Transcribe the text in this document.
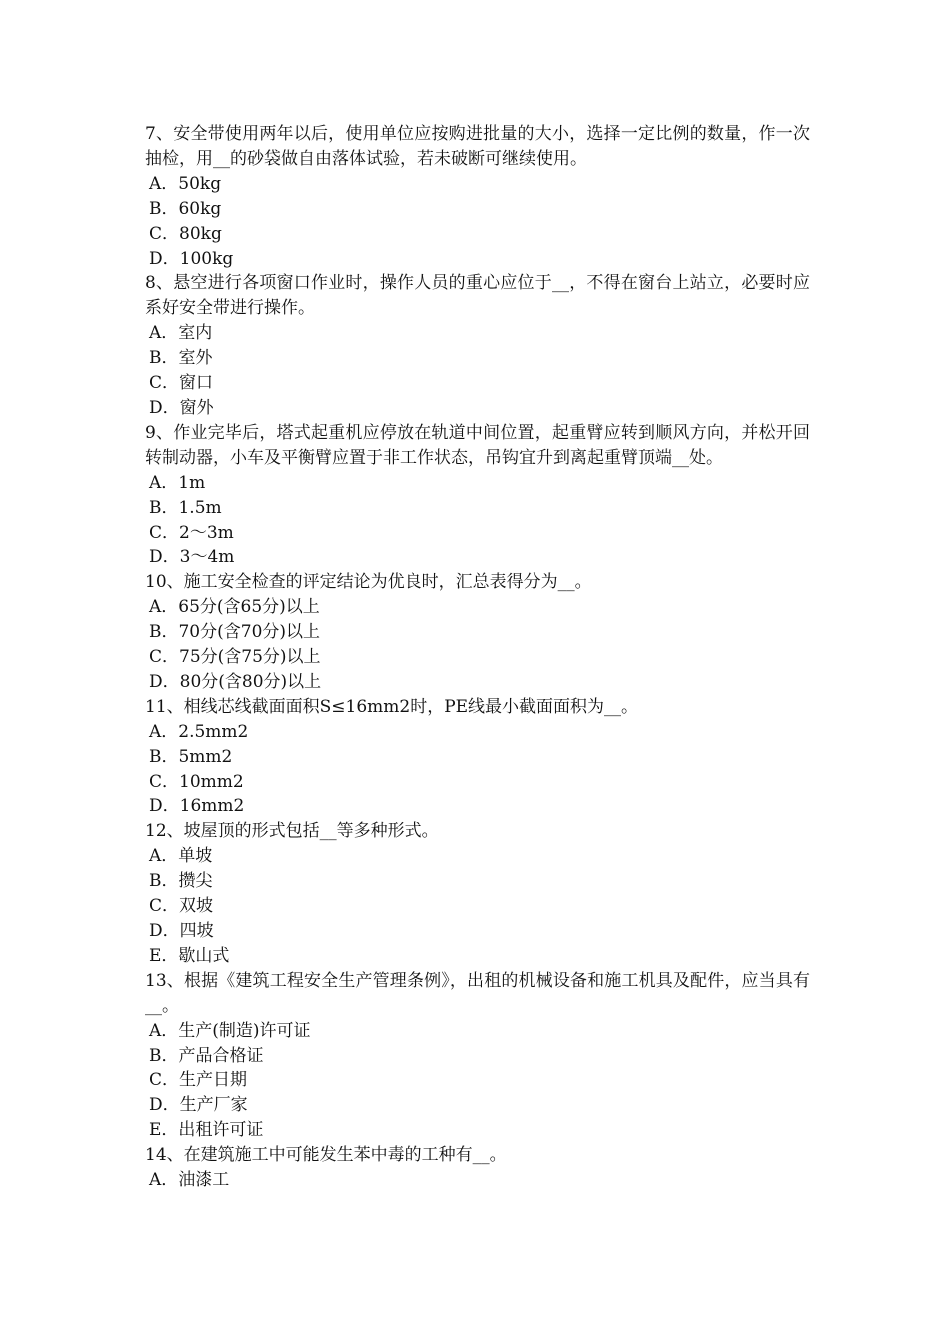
7、安全带使用两年以后，使用单位应按购进批量的大小，选择一定比例的数量，作一次抽检，用__的砂袋做自由落体试验，若未破断可继续使用。

A．50kg

B．60kg

C．80kg

D．100kg

8、悬空进行各项窗口作业时，操作人员的重心应位于__，不得在窗台上站立，必要时应系好安全带进行操作。

A．室内

B．室外

C．窗口

D．窗外

9、作业完毕后，塔式起重机应停放在轨道中间位置，起重臂应转到顺风方向，并松开回转制动器，小车及平衡臂应置于非工作状态，吊钩宜升到离起重臂顶端__处。

A．1m

B．1.5m

C．2～3m

D．3～4m

10、施工安全检查的评定结论为优良时，汇总表得分为__。

A．65分(含65分)以上

B．70分(含70分)以上

C．75分(含75分)以上

D．80分(含80分)以上

11、相线芯线截面面积S≤16mm2时，PE线最小截面面积为__。

A．2.5mm2

B．5mm2

C．10mm2

D．16mm2

12、坡屋顶的形式包括__等多种形式。

A．单坡

B．攒尖

C．双坡

D．四坡

E．歇山式

13、根据《建筑工程安全生产管理条例》，出租的机械设备和施工机具及配件，应当具有__。

A．生产(制造)许可证

B．产品合格证

C．生产日期

D．生产厂家

E．出租许可证

14、在建筑施工中可能发生苯中毒的工种有__。

A．油漆工
